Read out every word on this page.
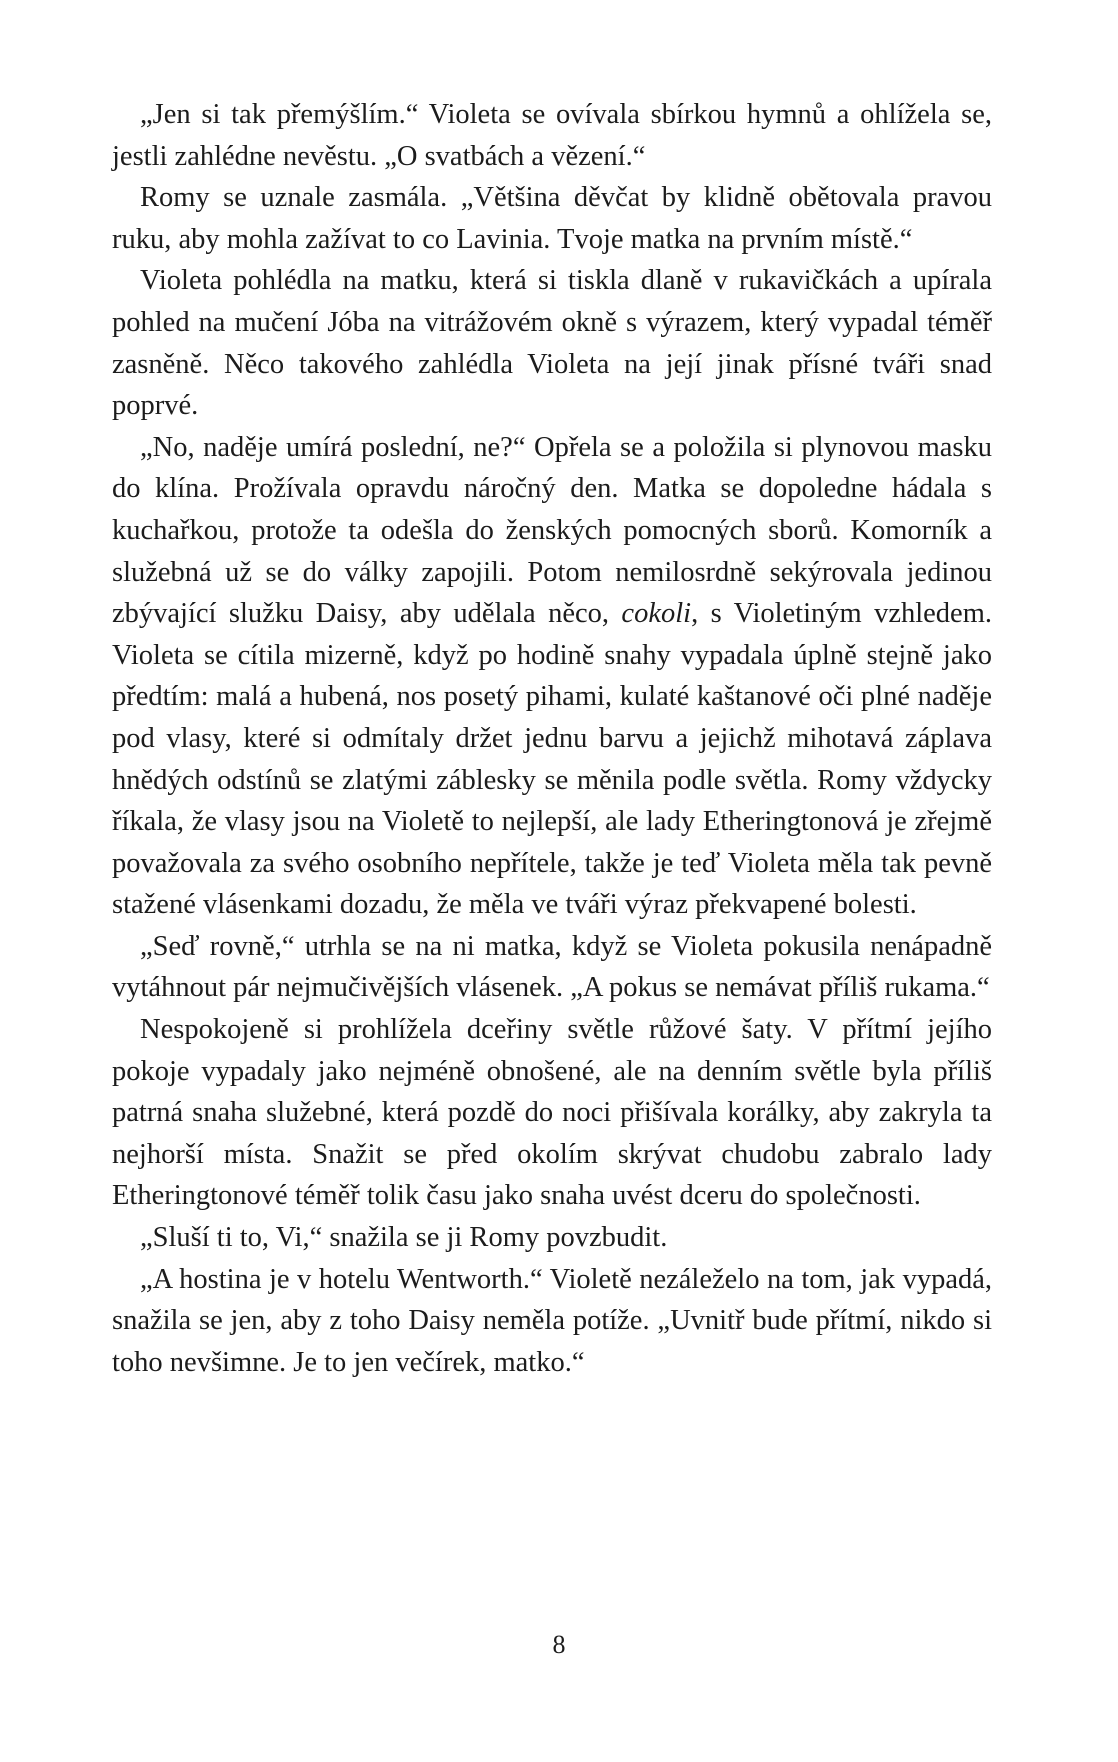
„Jen si tak přemýšlím.“ Violeta se ovívala sbírkou hymnů a ohlížela se, jestli zahlédne nevěstu. „O svatbách a vězení.“

Romy se uznale zasmála. „Většina děvčat by klidně obětovala pravou ruku, aby mohla zažívat to co Lavinia. Tvoje matka na prvním místě.“

Violeta pohlédla na matku, která si tiskla dlaně v rukavičkách a upírala pohled na mučení Jóba na vitrážovém okně s výrazem, který vypadal téměř zasněně. Něco takového zahlédla Violeta na její jinak přísné tváři snad poprvé.

„No, naděje umírá poslední, ne?“ Opřela se a položila si plynovou masku do klína. Prožívala opravdu náročný den. Matka se dopoledne hádala s kuchařkou, protože ta odešla do ženských pomocných sborů. Komorník a služebná už se do války zapojili. Potom nemilosrdně sekýrovala jedinou zbývající služku Daisy, aby udělala něco, cokoli, s Violetiným vzhledem. Violeta se cítila mizerně, když po hodině snahy vypadala úplně stejně jako předtím: malá a hubená, nos posetý pihami, kulaté kaštanové oči plné naděje pod vlasy, které si odmítaly držet jednu barvu a jejichž mihotavá záplava hnědých odstínů se zlatými záblesky se měnila podle světla. Romy vždycky říkala, že vlasy jsou na Violetě to nejlepší, ale lady Etheringtonová je zřejmě považovala za svého osobního nepřítele, takže je teď Violeta měla tak pevně stažené vlásenkami dozadu, že měla ve tváři výraz překvapené bolesti.

„Seď rovně,“ utrhla se na ni matka, když se Violeta pokusila nenápadně vytáhnout pár nejmučivějších vlásenek. „A pokus se nemávat příliš rukama.“

Nespokojeně si prohlížela dceřiny světle růžové šaty. V přítmí jejího pokoje vypadaly jako nejméně obnošené, ale na denním světle byla příliš patrná snaha služebné, která pozdě do noci přišívala korálky, aby zakryla ta nejhorší místa. Snažit se před okolím skrývat chudobu zabralo lady Etheringtonové téměř tolik času jako snaha uvést dceru do společnosti.

„Sluší ti to, Vi,“ snažila se ji Romy povzbudit.

„A hostina je v hotelu Wentworth.“ Violetě nezáleželo na tom, jak vypadá, snažila se jen, aby z toho Daisy neměla potíže. „Uvnitř bude přítmí, nikdo si toho nevšimne. Je to jen večírek, matko.“

8
